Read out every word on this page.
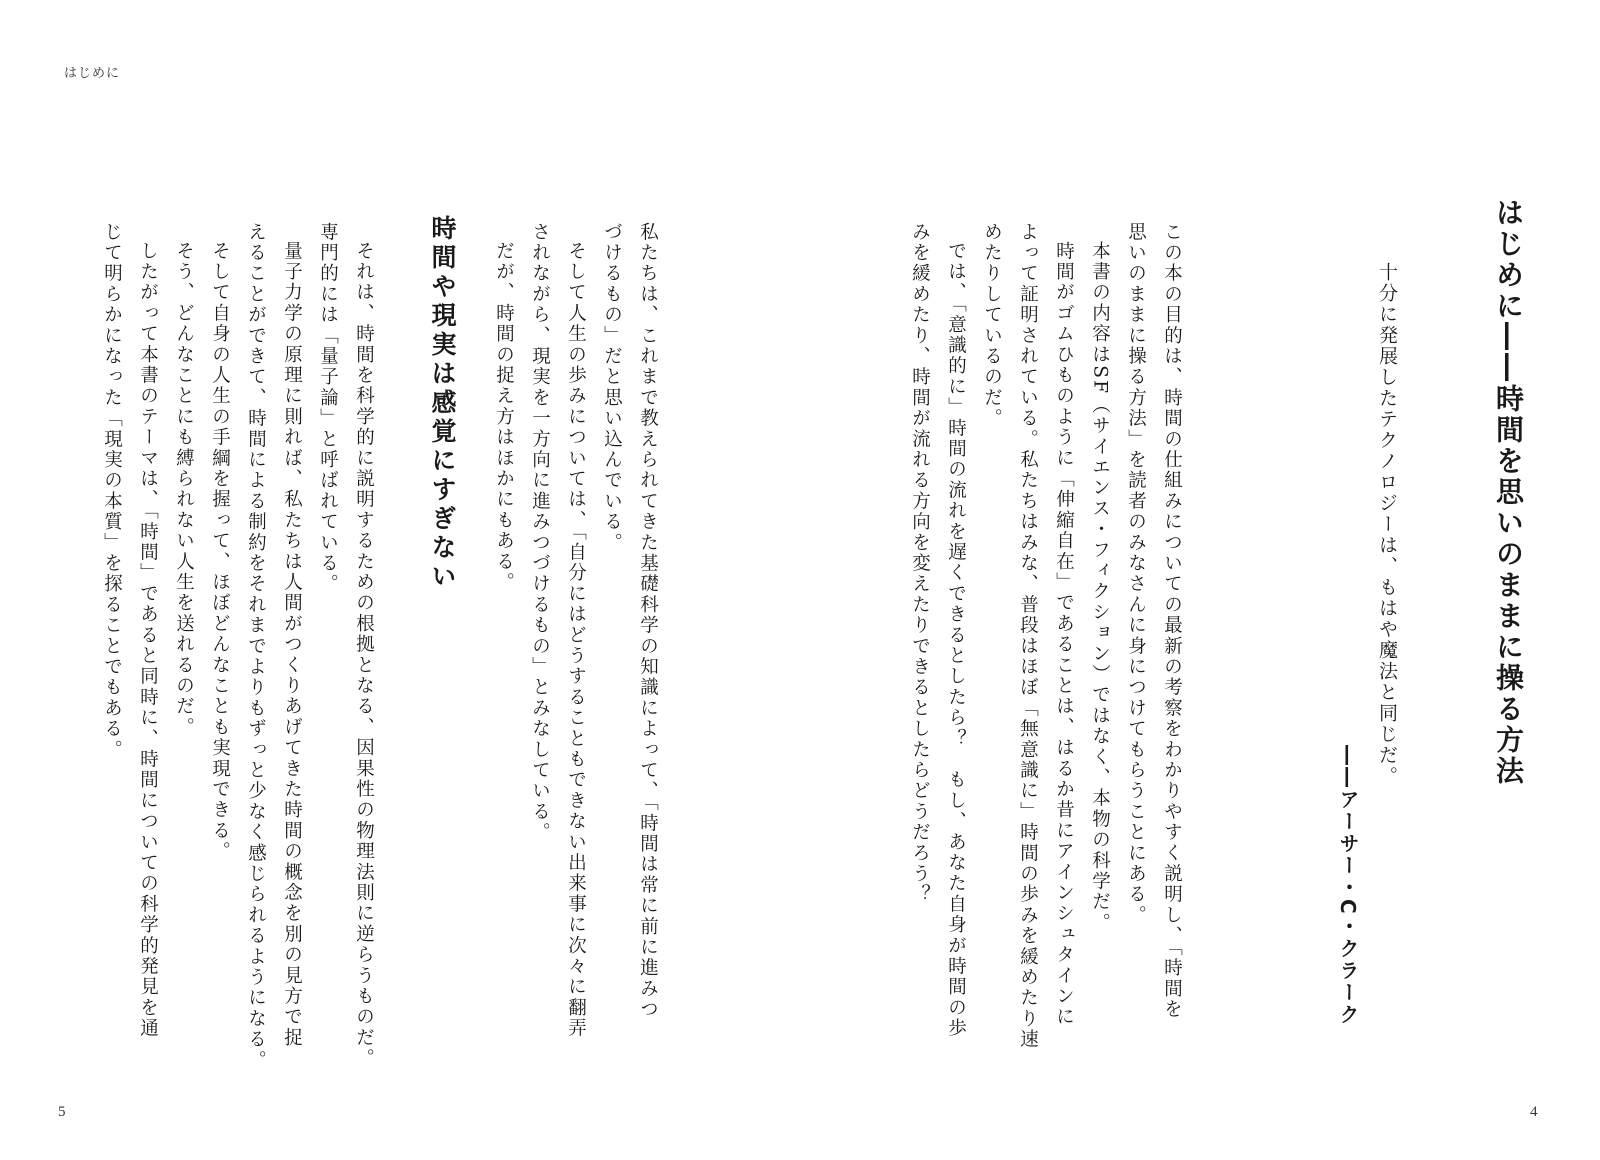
はじめに
はじめに――時間を思いのままに操る方法
十分に発展したテクノロジーは、もはや魔法と同じだ。
――アーサー・C・クラーク
この本の目的は、時間の仕組みについての最新の考察をわかりやすく説明し、「時間を
思いのままに操る方法」を読者のみなさんに身につけてもらうことにある。
本書の内容はSF（サイエンス・フィクション）ではなく、本物の科学だ。
時間がゴムひものように「伸縮自在」であることは、はるか昔にアインシュタインに
よって証明されている。私たちはみな、普段はほぼ「無意識に」時間の歩みを緩めたり速
めたりしているのだ。
では、「意識的に」時間の流れを遅くできるとしたら？　もし、あなた自身が時間の歩
みを緩めたり、時間が流れる方向を変えたりできるとしたらどうだろう？
4
私たちは、これまで教えられてきた基礎科学の知識によって、「時間は常に前に進みつ
づけるもの」だと思い込んでいる。
そして人生の歩みについては、「自分にはどうすることもできない出来事に次々に翻弄
されながら、現実を一方向に進みつづけるもの」とみなしている。
だが、時間の捉え方はほかにもある。
時間や現実は感覚にすぎない
それは、時間を科学的に説明するための根拠となる、因果性の物理法則に逆らうものだ。
専門的には「量子論」と呼ばれている。
量子力学の原理に則れば、私たちは人間がつくりあげてきた時間の概念を別の見方で捉
えることができて、時間による制約をそれまでよりもずっと少なく感じられるようになる。
そして自身の人生の手綱を握って、ほぼどんなことも実現できる。
そう、どんなことにも縛られない人生を送れるのだ。
したがって本書のテーマは、「時間」であると同時に、時間についての科学的発見を通
じて明らかになった「現実の本質」を探ることでもある。
5
